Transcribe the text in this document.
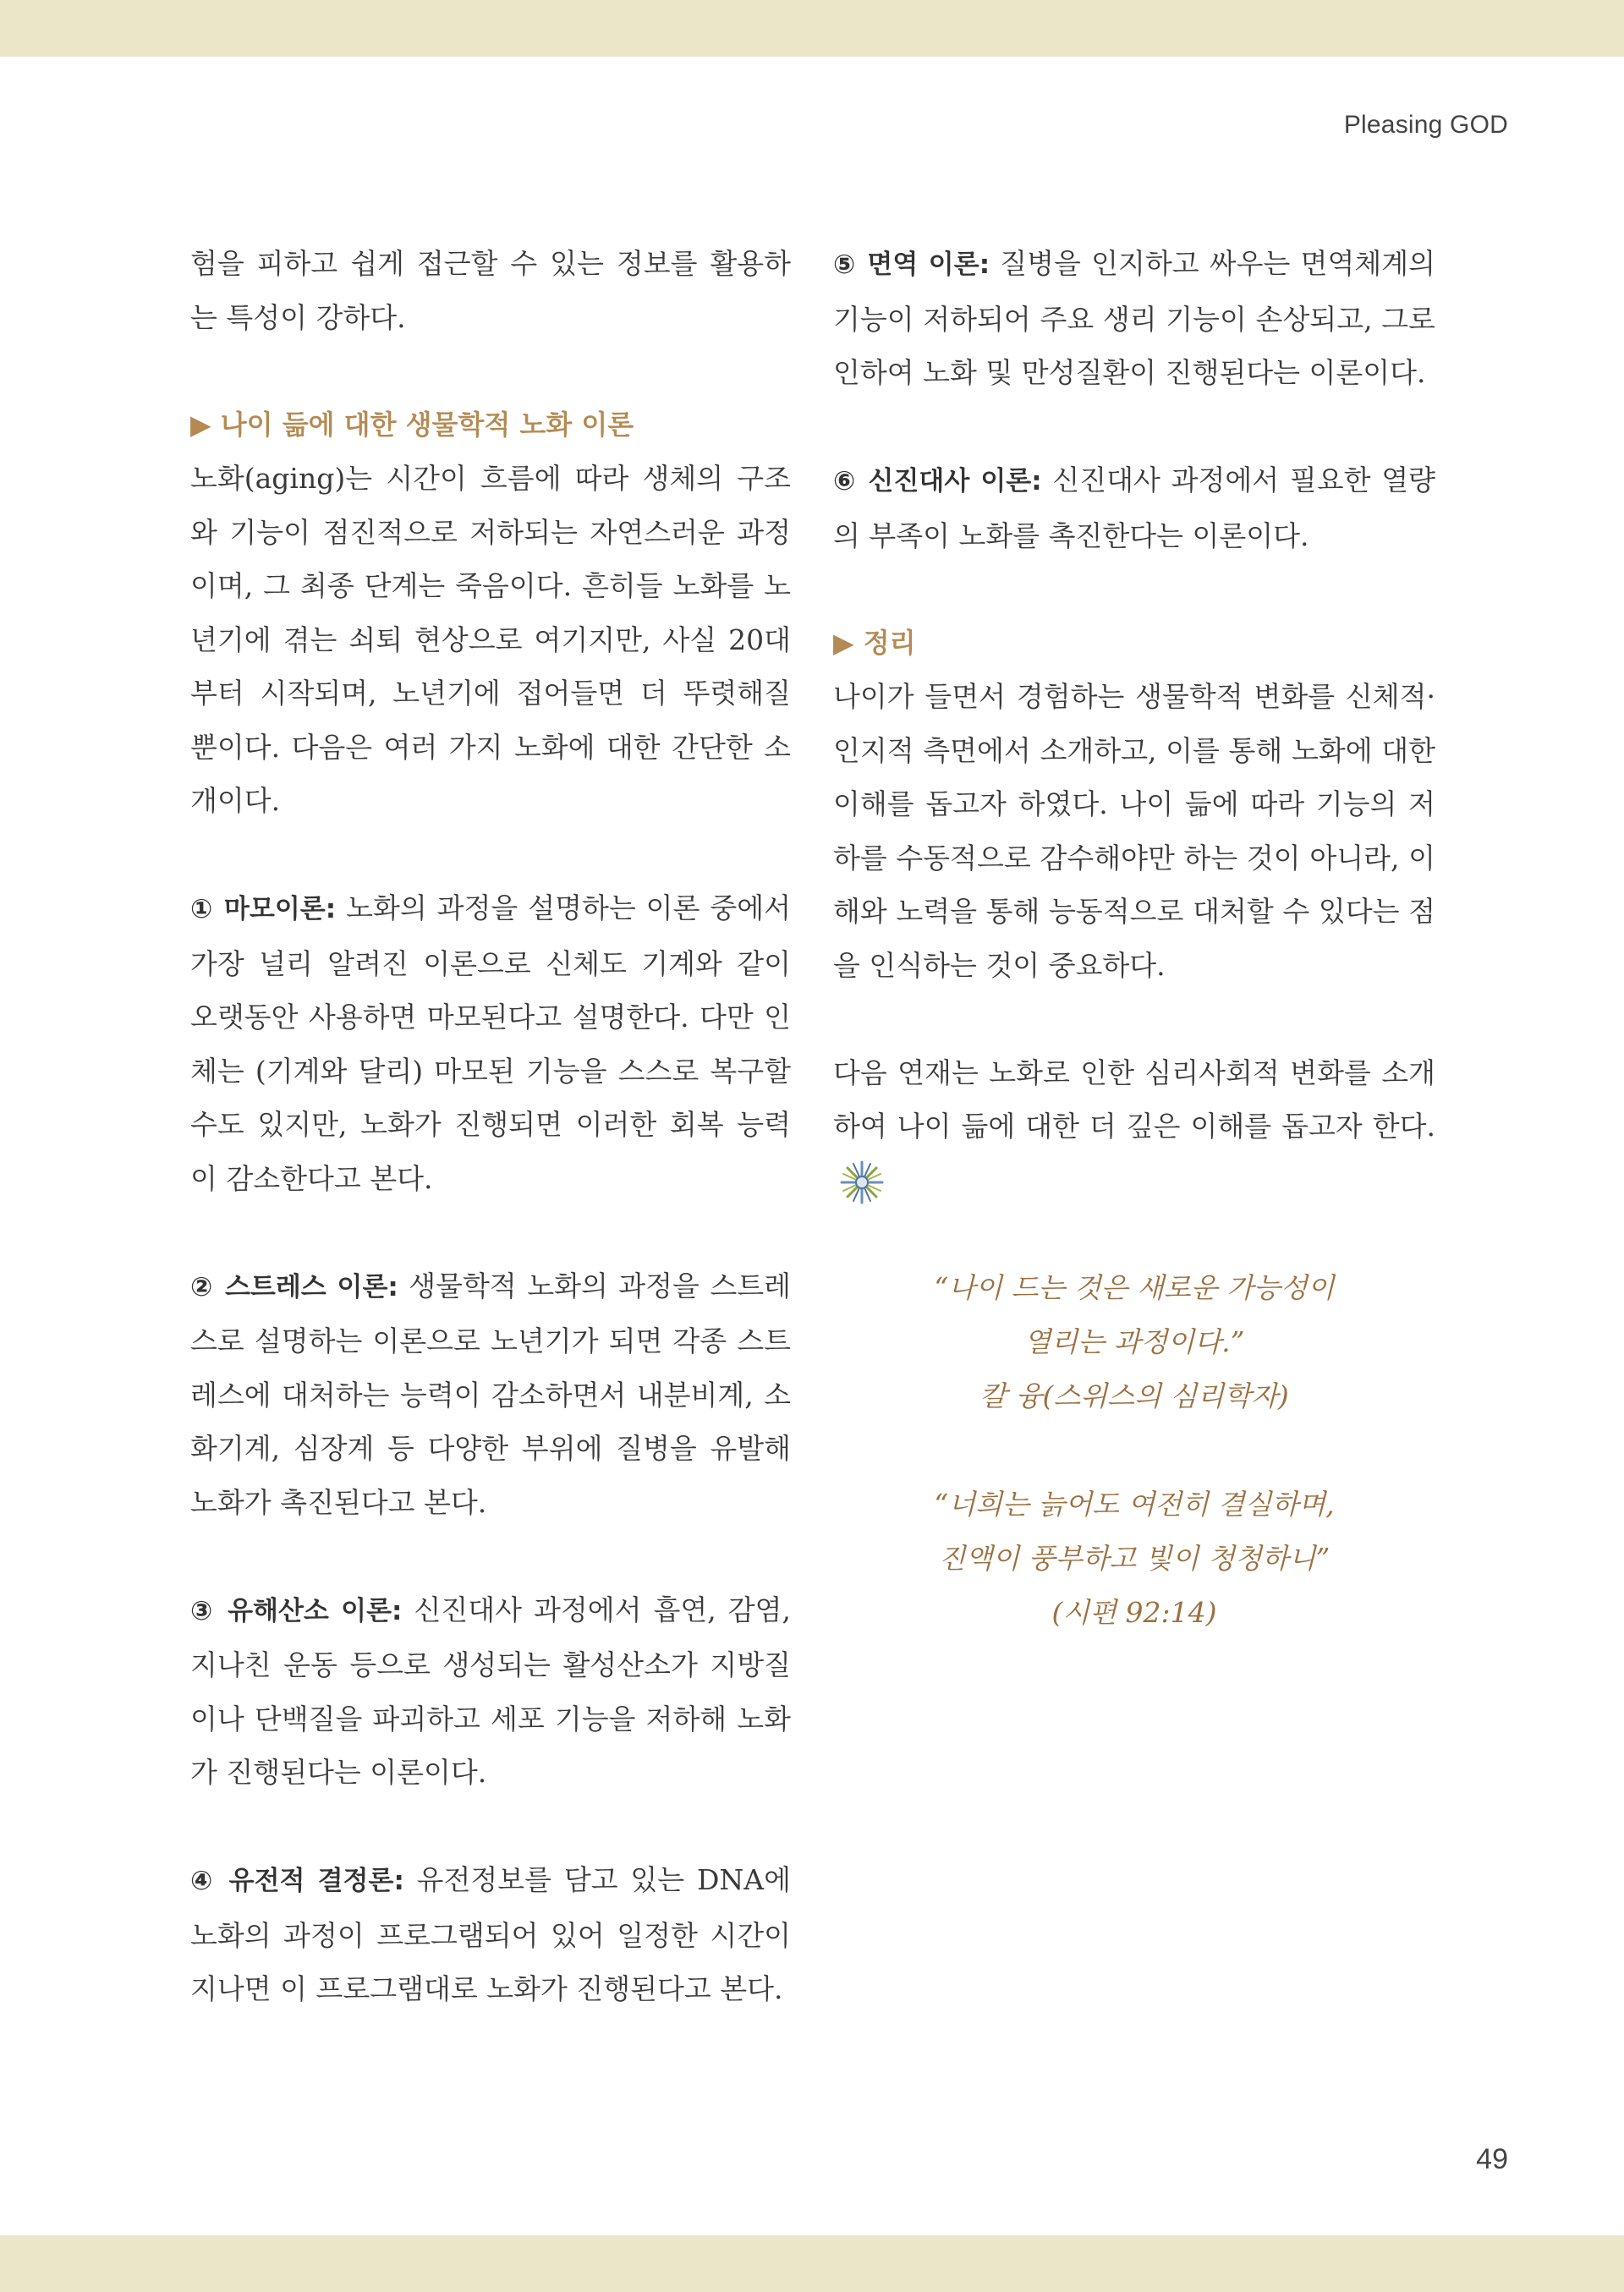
Pleasing GOD

험을 피하고 쉽게 접근할 수 있는 정보를 활용하는 특성이 강하다.

▶ 나이 듦에 대한 생물학적 노화 이론

노화(aging)는 시간이 흐름에 따라 생체의 구조와 기능이 점진적으로 저하되는 자연스러운 과정이며, 그 최종 단계는 죽음이다. 흔히들 노화를 노년기에 겪는 쇠퇴 현상으로 여기지만, 사실 20대부터 시작되며, 노년기에 접어들면 더 뚜렷해질 뿐이다. 다음은 여러 가지 노화에 대한 간단한 소개이다.

① 마모이론: 노화의 과정을 설명하는 이론 중에서 가장 널리 알려진 이론으로 신체도 기계와 같이 오랫동안 사용하면 마모된다고 설명한다. 다만 인체는 (기계와 달리) 마모된 기능을 스스로 복구할 수도 있지만, 노화가 진행되면 이러한 회복 능력이 감소한다고 본다.

② 스트레스 이론: 생물학적 노화의 과정을 스트레스로 설명하는 이론으로 노년기가 되면 각종 스트레스에 대처하는 능력이 감소하면서 내분비계, 소화기계, 심장계 등 다양한 부위에 질병을 유발해 노화가 촉진된다고 본다.

③ 유해산소 이론: 신진대사 과정에서 흡연, 감염, 지나친 운동 등으로 생성되는 활성산소가 지방질이나 단백질을 파괴하고 세포 기능을 저하해 노화가 진행된다는 이론이다.

④ 유전적 결정론: 유전정보를 담고 있는 DNA에 노화의 과정이 프로그램되어 있어 일정한 시간이 지나면 이 프로그램대로 노화가 진행된다고 본다.

⑤ 면역 이론: 질병을 인지하고 싸우는 면역체계의 기능이 저하되어 주요 생리 기능이 손상되고, 그로 인하여 노화 및 만성질환이 진행된다는 이론이다.

⑥ 신진대사 이론: 신진대사 과정에서 필요한 열량의 부족이 노화를 촉진한다는 이론이다.

▶ 정리

나이가 들면서 경험하는 생물학적 변화를 신체적·인지적 측면에서 소개하고, 이를 통해 노화에 대한 이해를 돕고자 하였다. 나이 듦에 따라 기능의 저하를 수동적으로 감수해야만 하는 것이 아니라, 이해와 노력을 통해 능동적으로 대처할 수 있다는 점을 인식하는 것이 중요하다.

다음 연재는 노화로 인한 심리사회적 변화를 소개하여 나이 듦에 대한 더 깊은 이해를 돕고자 한다.

“나이 드는 것은 새로운 가능성이
열리는 과정이다.”
칼 융(스위스의 심리학자)
“너희는 늙어도 여전히 결실하며,
진액이 풍부하고 빛이 청청하니”
(시편 92:14)
49
